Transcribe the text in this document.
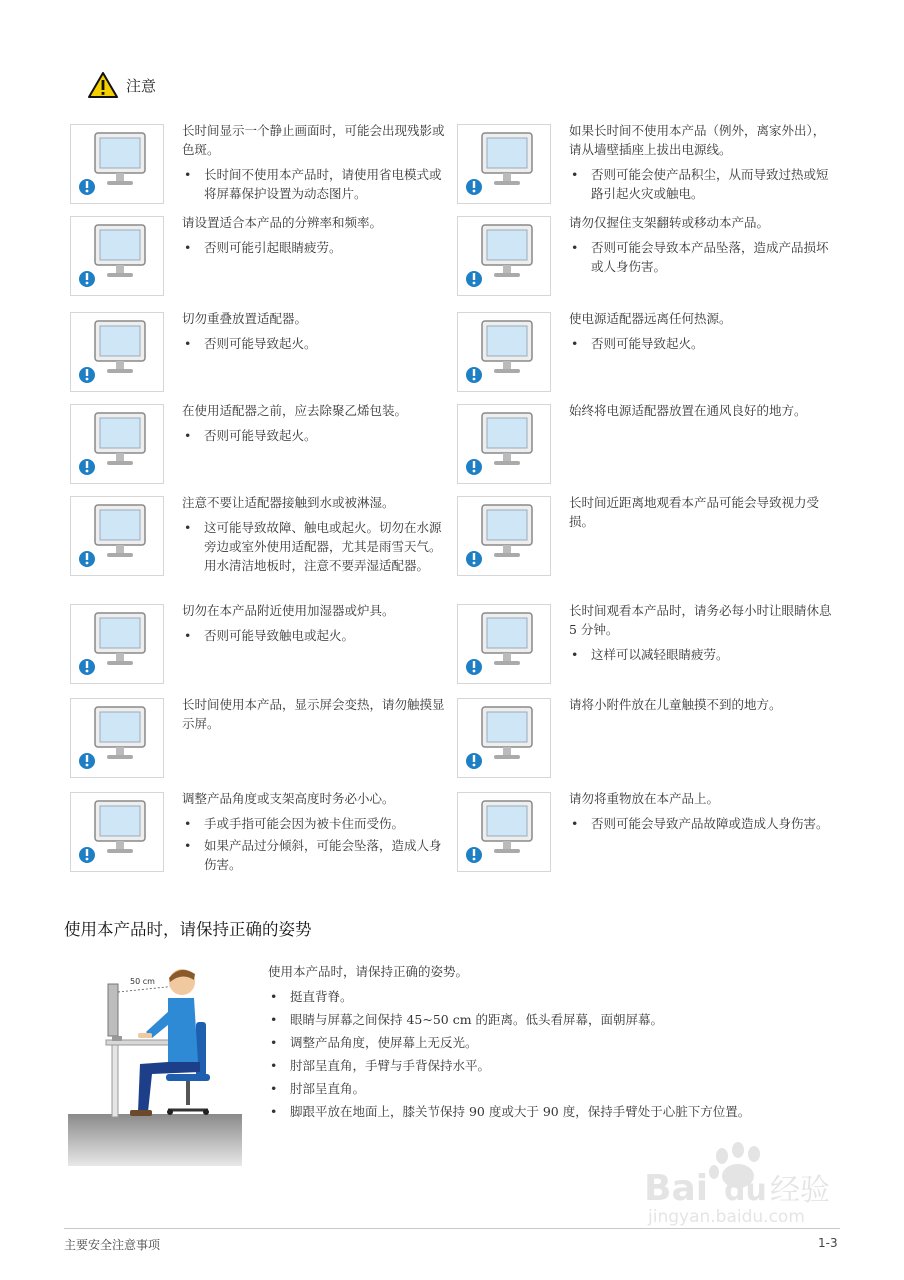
注意

长时间显示一个静止画面时，可能会出现残影或色斑。

• 长时间不使用本产品时，请使用省电模式或将屏幕保护设置为动态图片。

如果长时间不使用本产品（例外，离家外出），请从墙壁插座上拔出电源线。

• 否则可能会使产品积尘，从而导致过热或短路引起火灾或触电。

请设置适合本产品的分辨率和频率。

• 否则可能引起眼睛疲劳。

请勿仅握住支架翻转或移动本产品。

• 否则可能会导致本产品坠落，造成产品损坏或人身伤害。

切勿重叠放置适配器。

• 否则可能导致起火。

使电源适配器远离任何热源。

• 否则可能导致起火。

在使用适配器之前，应去除聚乙烯包装。

• 否则可能导致起火。

始终将电源适配器放置在通风良好的地方。

注意不要让适配器接触到水或被淋湿。

• 这可能导致故障、触电或起火。切勿在水源旁边或室外使用适配器，尤其是雨雪天气。用水清洁地板时，注意不要弄湿适配器。

长时间近距离地观看本产品可能会导致视力受损。

切勿在本产品附近使用加湿器或炉具。

• 否则可能导致触电或起火。

长时间观看本产品时，请务必每小时让眼睛休息 5 分钟。

• 这样可以减轻眼睛疲劳。

长时间使用本产品，显示屏会变热，请勿触摸显示屏。

请将小附件放在儿童触摸不到的地方。

调整产品角度或支架高度时务必小心。

• 手或手指可能会因为被卡住而受伤。
• 如果产品过分倾斜，可能会坠落，造成人身伤害。

请勿将重物放在本产品上。

• 否则可能会导致产品故障或造成人身伤害。
使用本产品时，请保持正确的姿势
50 cm

使用本产品时，请保持正确的姿势。

• 挺直背脊。
• 眼睛与屏幕之间保持 45~50 cm 的距离。低头看屏幕，面朝屏幕。
• 调整产品角度，使屏幕上无反光。
• 肘部呈直角，手臂与手背保持水平。
• 肘部呈直角。
• 脚跟平放在地面上，膝关节保持 90 度或大于 90 度，保持手臂处于心脏下方位置。
Bai du 经验
jingyan.baidu.com
主要安全注意事项	1-3
